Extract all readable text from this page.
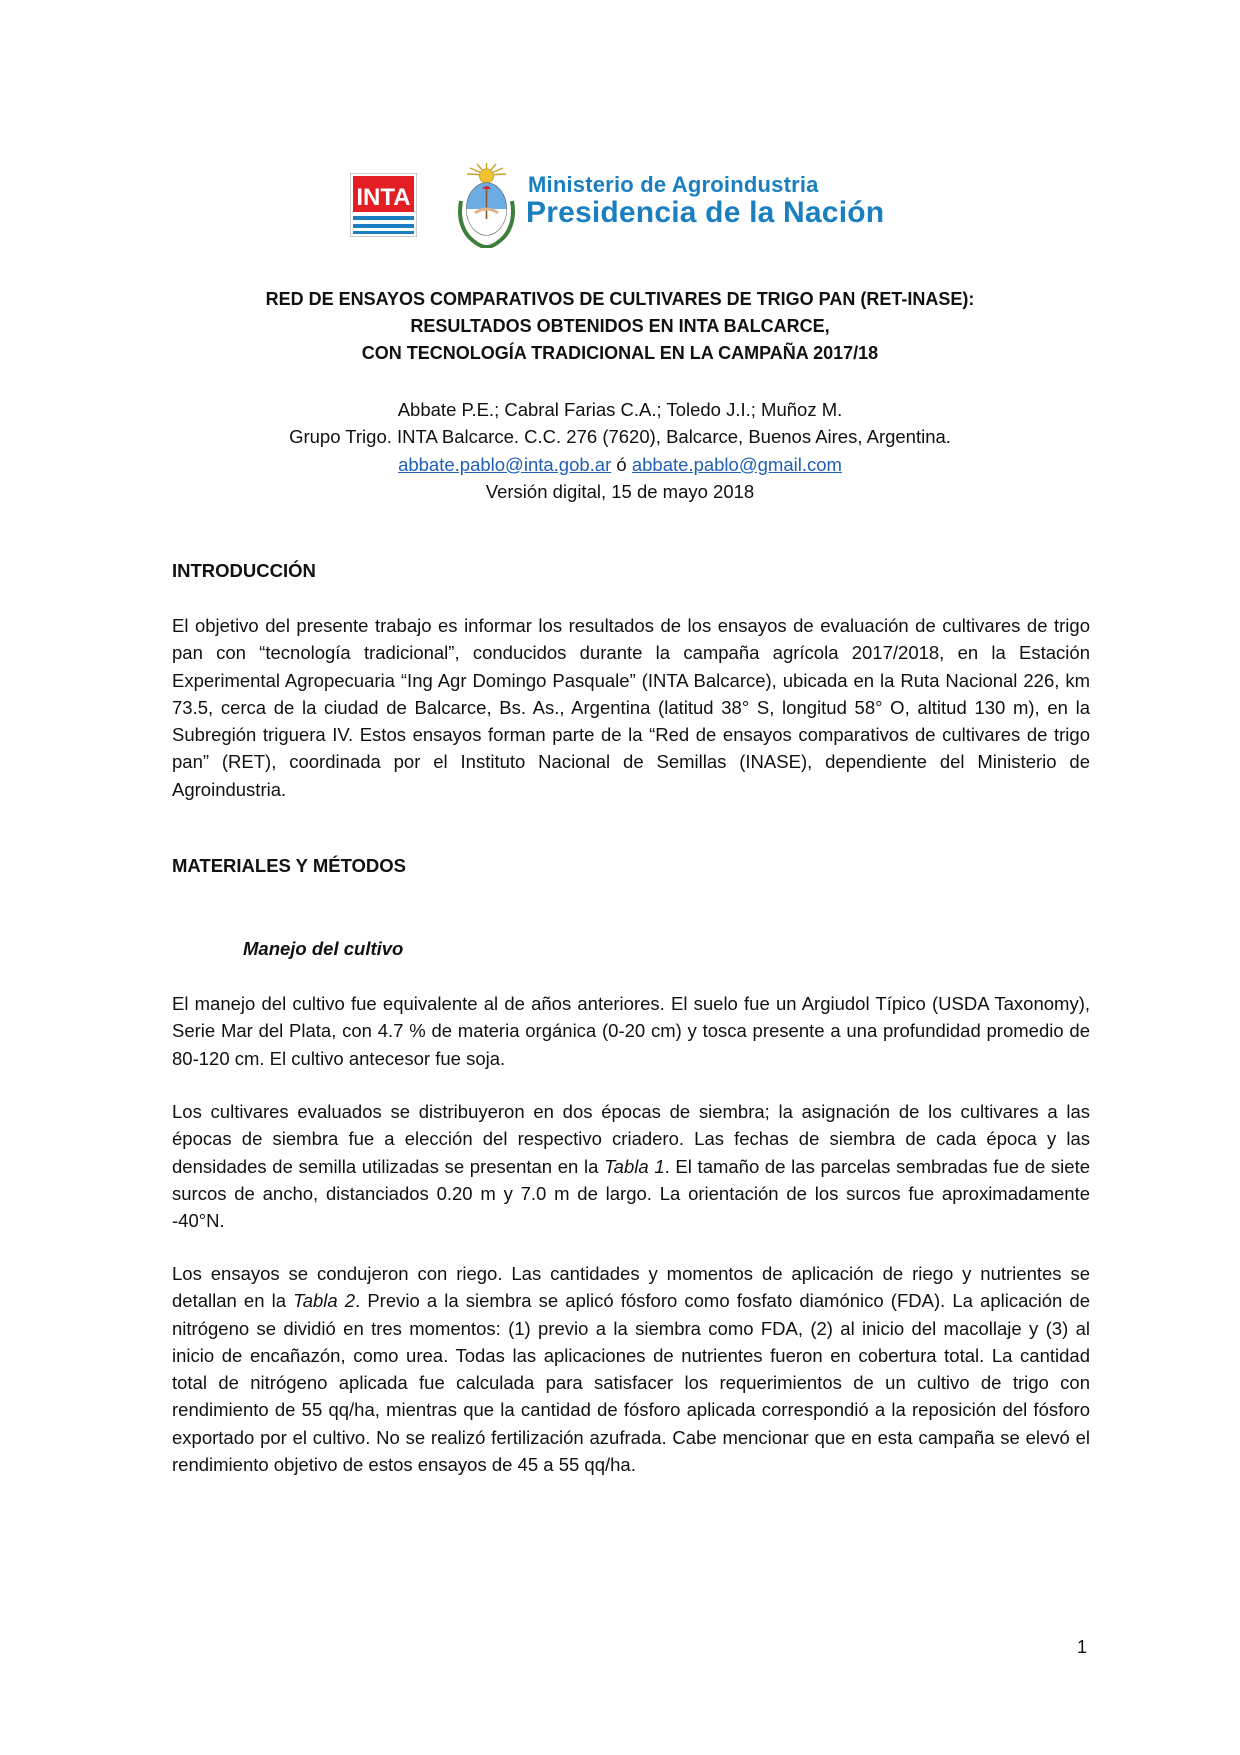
INTA	Ministerio de Agroindustria
Presidencia de la Nación
RED DE ENSAYOS COMPARATIVOS DE CULTIVARES DE TRIGO PAN (RET-INASE):
RESULTADOS OBTENIDOS EN INTA BALCARCE,
CON TECNOLOGÍA TRADICIONAL EN LA CAMPAÑA 2017/18
Abbate P.E.; Cabral Farias C.A.; Toledo J.I.; Muñoz M.
Grupo Trigo. INTA Balcarce. C.C. 276 (7620), Balcarce, Buenos Aires, Argentina.
abbate.pablo@inta.gob.ar ó abbate.pablo@gmail.com
Versión digital, 15 de mayo 2018
INTRODUCCIÓN
El objetivo del presente trabajo es informar los resultados de los ensayos de evaluación de cultivares de trigo pan con “tecnología tradicional”, conducidos durante la campaña agrícola 2017/2018, en la Estación Experimental Agropecuaria “Ing Agr Domingo Pasquale” (INTA Balcarce), ubicada en la Ruta Nacional 226, km 73.5, cerca de la ciudad de Balcarce, Bs. As., Argentina (latitud 38° S, longitud 58° O, altitud 130 m), en la Subregión triguera IV. Estos ensayos forman parte de la “Red de ensayos comparativos de cultivares de trigo pan” (RET), coordinada por el Instituto Nacional de Semillas (INASE), dependiente del Ministerio de Agroindustria.
MATERIALES Y MÉTODOS
Manejo del cultivo
El manejo del cultivo fue equivalente al de años anteriores. El suelo fue un Argiudol Típico (USDA Taxonomy), Serie Mar del Plata, con 4.7 % de materia orgánica (0-20 cm) y tosca presente a una profundidad promedio de 80-120 cm. El cultivo antecesor fue soja.
Los cultivares evaluados se distribuyeron en dos épocas de siembra; la asignación de los cultivares a las épocas de siembra fue a elección del respectivo criadero. Las fechas de siembra de cada época y las densidades de semilla utilizadas se presentan en la Tabla 1. El tamaño de las parcelas sembradas fue de siete surcos de ancho, distanciados 0.20 m y 7.0 m de largo. La orientación de los surcos fue aproximadamente -40°N.
Los ensayos se condujeron con riego. Las cantidades y momentos de aplicación de riego y nutrientes se detallan en la Tabla 2. Previo a la siembra se aplicó fósforo como fosfato diamónico (FDA). La aplicación de nitrógeno se dividió en tres momentos: (1) previo a la siembra como FDA, (2) al inicio del macollaje y (3) al inicio de encañazón, como urea. Todas las aplicaciones de nutrientes fueron en cobertura total. La cantidad total de nitrógeno aplicada fue calculada para satisfacer los requerimientos de un cultivo de trigo con rendimiento de 55 qq/ha, mientras que la cantidad de fósforo aplicada correspondió a la reposición del fósforo exportado por el cultivo. No se realizó fertilización azufrada. Cabe mencionar que en esta campaña se elevó el rendimiento objetivo de estos ensayos de 45 a 55 qq/ha.
1
